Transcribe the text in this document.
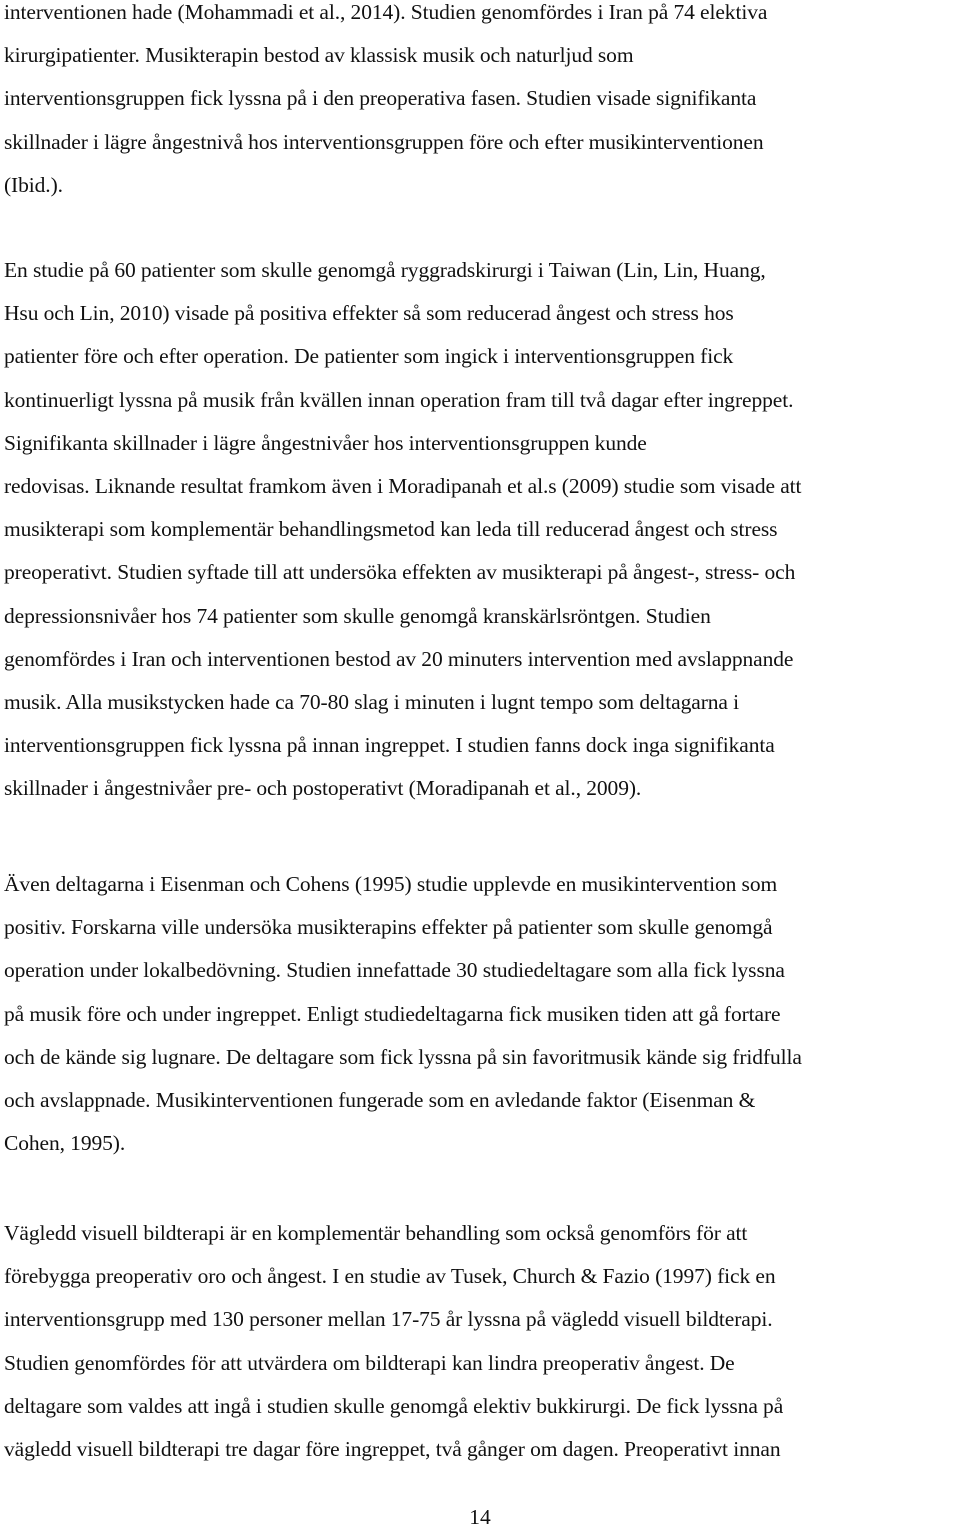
interventionen hade (Mohammadi et al., 2014). Studien genomfördes i Iran på 74 elektiva
kirurgipatienter. Musikterapin bestod av klassisk musik och naturljud som
interventionsgruppen fick lyssna på i den preoperativa fasen. Studien visade signifikanta
skillnader i lägre ångestnivå hos interventionsgruppen före och efter musikinterventionen
(Ibid.).
En studie på 60 patienter som skulle genomgå ryggradskirurgi i Taiwan (Lin, Lin, Huang,
Hsu och Lin, 2010) visade på positiva effekter så som reducerad ångest och stress hos
patienter före och efter operation. De patienter som ingick i interventionsgruppen fick
kontinuerligt lyssna på musik från kvällen innan operation fram till två dagar efter ingreppet.
Signifikanta skillnader i lägre ångestnivåer hos interventionsgruppen kunde
redovisas. Liknande resultat framkom även i Moradipanah et al.s (2009) studie som visade att
musikterapi som komplementär behandlingsmetod kan leda till reducerad ångest och stress
preoperativt. Studien syftade till att undersöka effekten av musikterapi på ångest-, stress- och
depressionsnivåer hos 74 patienter som skulle genomgå kranskärlsröntgen. Studien
genomfördes i Iran och interventionen bestod av 20 minuters intervention med avslappnande
musik. Alla musikstycken hade ca 70-80 slag i minuten i lugnt tempo som deltagarna i
interventionsgruppen fick lyssna på innan ingreppet. I studien fanns dock inga signifikanta
skillnader i ångestnivåer pre- och postoperativt (Moradipanah et al., 2009).
Även deltagarna i Eisenman och Cohens (1995) studie upplevde en musikintervention som
positiv. Forskarna ville undersöka musikterapins effekter på patienter som skulle genomgå
operation under lokalbedövning. Studien innefattade 30 studiedeltagare som alla fick lyssna
på musik före och under ingreppet. Enligt studiedeltagarna fick musiken tiden att gå fortare
och de kände sig lugnare. De deltagare som fick lyssna på sin favoritmusik kände sig fridfulla
och avslappnade. Musikinterventionen fungerade som en avledande faktor (Eisenman &
Cohen, 1995).
Vägledd visuell bildterapi är en komplementär behandling som också genomförs för att
förebygga preoperativ oro och ångest. I en studie av Tusek, Church & Fazio (1997) fick en
interventionsgrupp med 130 personer mellan 17-75 år lyssna på vägledd visuell bildterapi.
Studien genomfördes för att utvärdera om bildterapi kan lindra preoperativ ångest. De
deltagare som valdes att ingå i studien skulle genomgå elektiv bukkirurgi. De fick lyssna på
vägledd visuell bildterapi tre dagar före ingreppet, två gånger om dagen. Preoperativt innan
14
